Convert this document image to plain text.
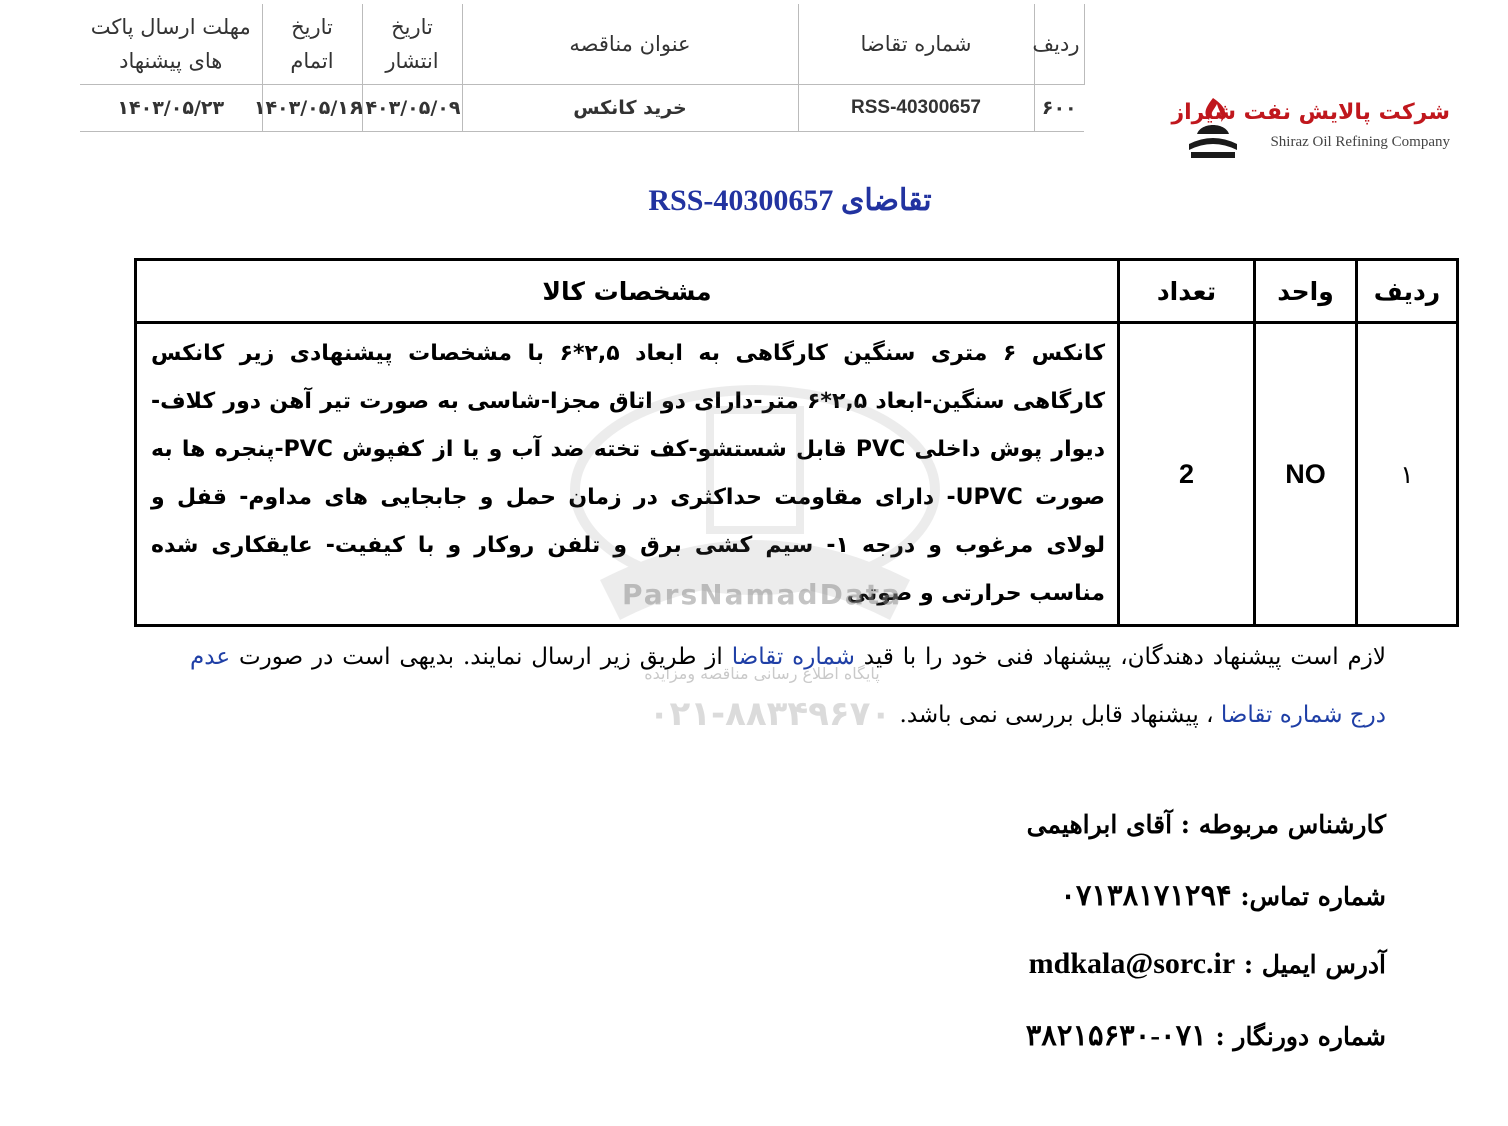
ردیف	شماره تقاضا	عنوان مناقصه	تاریخ انتشار	تاریخ اتمام	مهلت ارسال پاکت های پیشنهاد
۶۰۰	RSS-40300657	خرید کانکس	۱۴۰۳/۰۵/۰۹	۱۴۰۳/۰۵/۱۶	۱۴۰۳/۰۵/۲۳	شرکت پالایش نفت شیراز
Shiraz Oil Refining Company
تقاضای RSS-40300657
ردیف	واحد	تعداد	مشخصات کالا
۱	NO	2	کانکس ۶ متری سنگین کارگاهی به ابعاد ۲,۵*۶ با مشخصات پیشنهادی زیر کانکس کارگاهی سنگین-ابعاد ۲,۵*۶ متر-دارای دو اتاق مجزا-شاسی به صورت تیر آهن دور کلاف-دیوار پوش داخلی PVC قابل شستشو-کف تخته ضد آب و یا از کفپوش PVC-پنجره ها به صورت UPVC- دارای مقاومت حداکثری در زمان حمل و جابجایی های مداوم- قفل و لولای مرغوب و درجه ۱- سیم کشی برق و تلفن روکار و با کیفیت- عایقکاری شده مناسب حرارتی و صوتی
ParsNamadData
پایگاه اطلاع رسانی مناقصه ومزایده
۰۲۱-۸۸۳۴۹۶۷۰
لازم است پیشنهاد دهندگان، پیشنهاد فنی خود را با قید شماره تقاضا از طریق زیر ارسال نمایند. بدیهی است در صورت عدم درج شماره تقاضا ، پیشنهاد قابل بررسی نمی باشد.
کارشناس مربوطه : آقای ابراهیمی
شماره تماس: ۰۷۱۳۸۱۷۱۲۹۴
آدرس ایمیل : mdkala@sorc.ir
شماره دورنگار : ۰۷۱-۳۸۲۱۵۶۳۰
